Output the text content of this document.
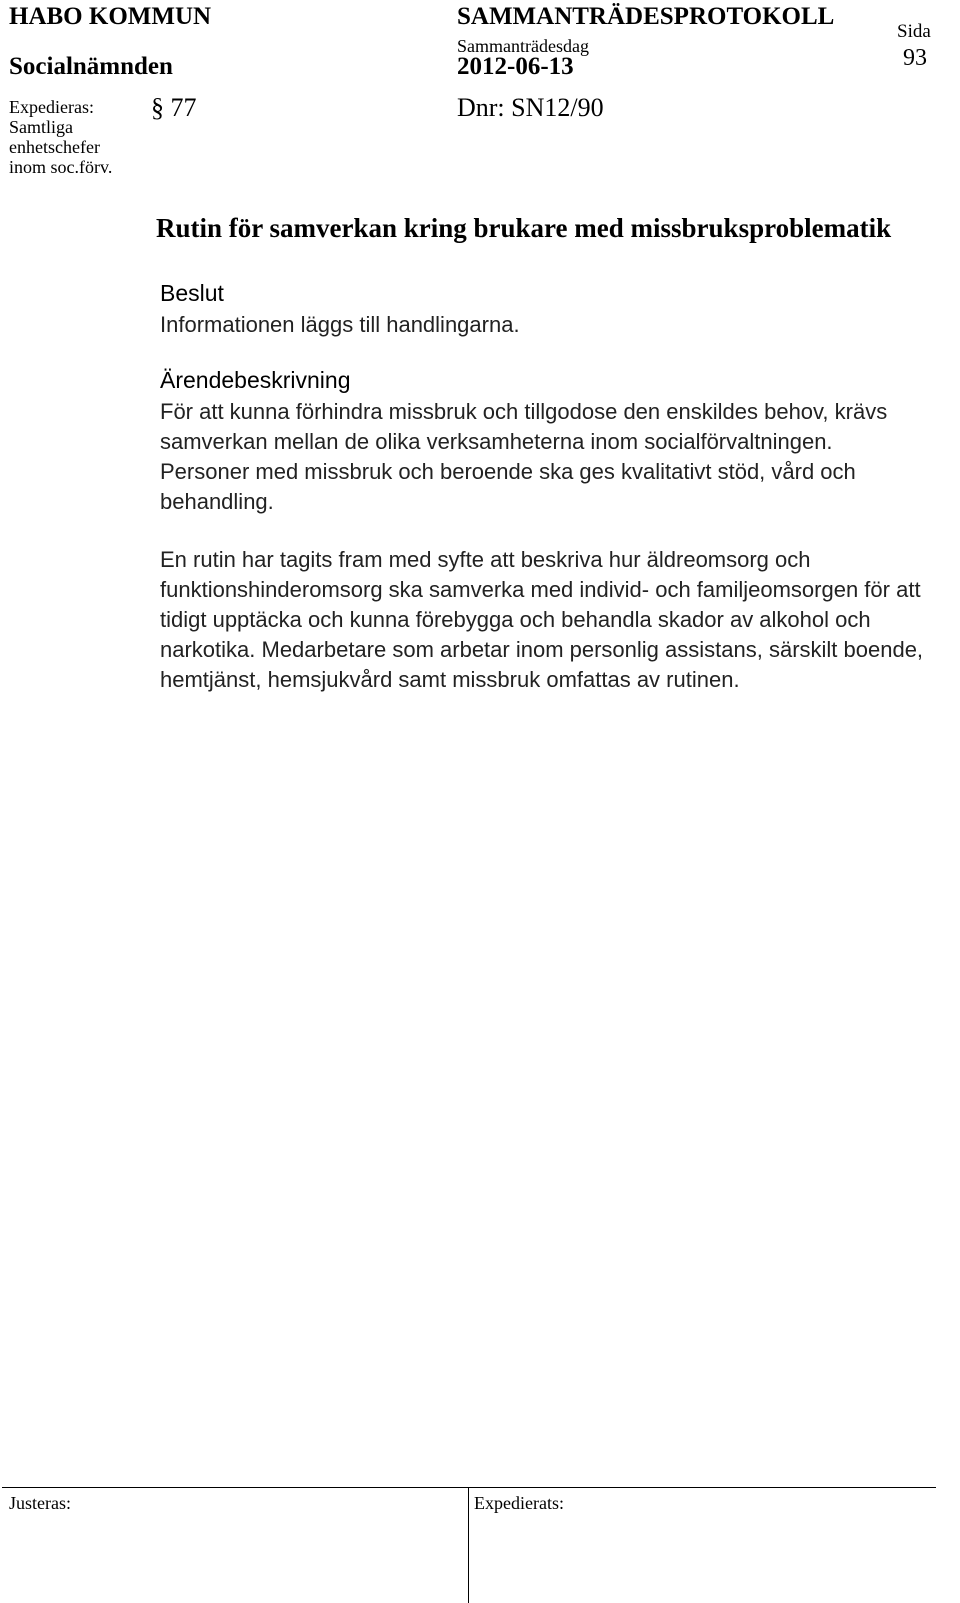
HABO KOMMUN
Socialnämnden
SAMMANTRÄDESPROTOKOLL
Sammanträdesdag
2012-06-13
Sida
93
Expedieras:
Samtliga
enhetschefer
inom soc.förv.
§ 77	Dnr: SN12/90
Rutin för samverkan kring brukare med missbruksproblematik
Beslut
Informationen läggs till handlingarna.
Ärendebeskrivning
För att kunna förhindra missbruk och tillgodose den enskildes behov, krävs samverkan mellan de olika verksamheterna inom socialförvaltningen. Personer med missbruk och beroende ska ges kvalitativt stöd, vård och behandling.
En rutin har tagits fram med syfte att beskriva hur äldreomsorg och funktionshinderomsorg ska samverka med individ- och familjeomsorgen för att tidigt upptäcka och kunna förebygga och behandla skador av alkohol och narkotika. Medarbetare som arbetar inom personlig assistans, särskilt boende, hemtjänst, hemsjukvård samt missbruk omfattas av rutinen.
Justeras:	Expedierats:
